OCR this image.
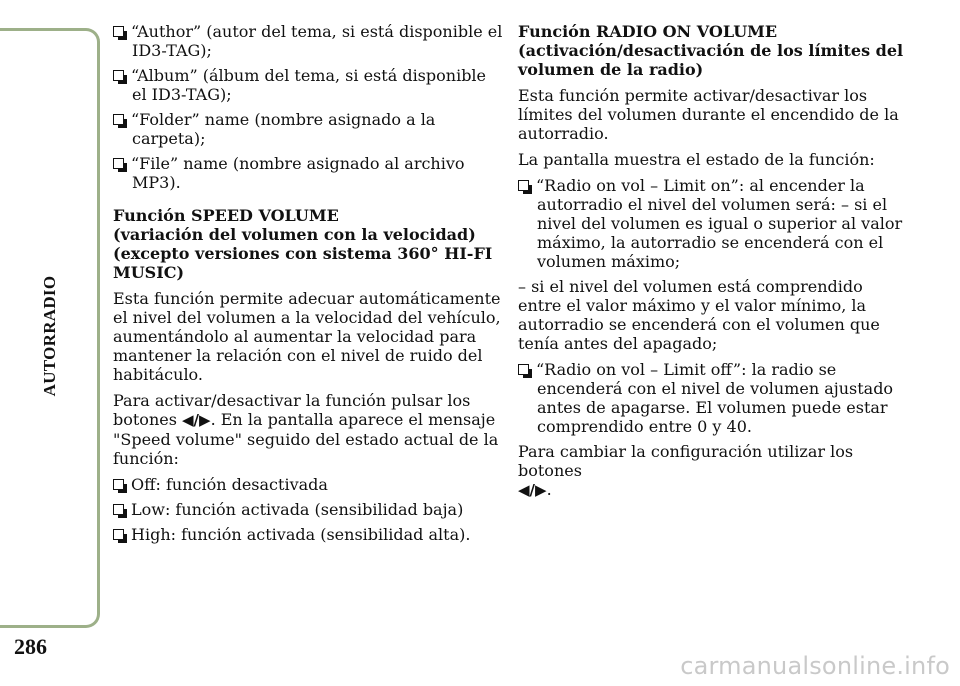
AUTORRADIO
286
“Author” (autor del tema, si está disponible el ID3-TAG);
“Album” (álbum del tema, si está disponible el ID3-TAG);
“Folder” name (nombre asignado a la carpeta);
“File” name (nombre asignado al archivo MP3).
Función SPEED VOLUME
(variación del volumen con la velocidad)
(excepto versiones con sistema 360° HI-FI MUSIC)

Esta función permite adecuar automáticamente el nivel del volumen a la velocidad del vehículo, aumentándolo al aumentar la velocidad para mantener la relación con el nivel de ruido del habitáculo.

Para activar/desactivar la función pulsar los botones ◀/▶. En la pantalla aparece el mensaje "Speed volume" seguido del estado actual de la función:

Off: función desactivada
Low: función activada (sensibilidad baja)
High: función activada (sensibilidad alta).
Función RADIO ON VOLUME
(activación/desactivación de los límites del volumen de la radio)

Esta función permite activar/desactivar los límites del volumen durante el encendido de la autorradio.

La pantalla muestra el estado de la función:

“Radio on vol – Limit on”: al encender la autorradio el nivel del volumen será: – si el nivel del volumen es igual o superior al valor máximo, la autorradio se encenderá con el volumen máximo;

– si el nivel del volumen está comprendido entre el valor máximo y el valor mínimo, la autorradio se encenderá con el volumen que tenía antes del apagado;

“Radio on vol – Limit off”: la radio se encenderá con el nivel de volumen ajustado antes de apagarse. El volumen puede estar comprendido entre 0 y 40.

Para cambiar la configuración utilizar los botones
◀/▶.

carmanualsonline.info
